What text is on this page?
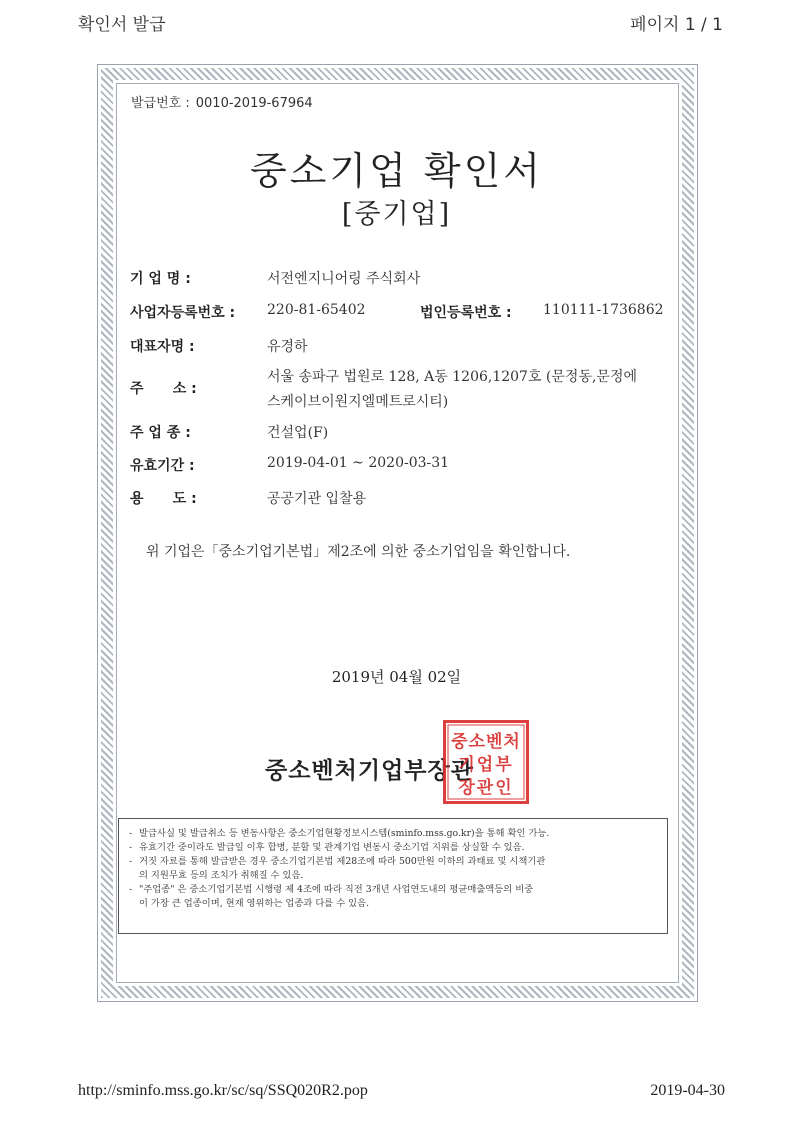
확인서 발급	페이지 1 / 1
발급번호 : 0010-2019-67964
중소기업 확인서
[중기업]
기 업 명 :	서전엔지니어링 주식회사
사업자등록번호 : 220-81-65402	법인등록번호 : 110111-1736862
대표자명 :	유경하
주      소 :
서울 송파구 법원로 128, A동 1206,1207호 (문정동,문정에
스케이브이원지엘메트로시티)
주 업 종 :	건설업(F)
유효기간 :	2019-04-01 ~ 2020-03-31
용      도 :	공공기관 입찰용
위 기업은「중소기업기본법」제2조에 의한 중소기업임을 확인합니다.
2019년 04월 02일
중소벤처기업부장관
중소벤처
기업부
장관인
- 발급사실 및 발급취소 등 변동사항은 중소기업현황정보시스템(sminfo.mss.go.kr)을 통해 확인 가능.
- 유효기간 중이라도 발급일 이후 합병, 분할 및 관계기업 변동시 중소기업 지위를 상실할 수 있음.
- 거짓 자료를 통해 발급받은 경우 중소기업기본법 제28조에 따라 500만원 이하의 과태료 및 시책기관
의 지원무효 등의 조치가 취해질 수 있음.
- "주업종" 은 중소기업기본법 시행령 제 4조에 따라 직전 3개년 사업연도내의 평균매출액등의 비중
이 가장 큰 업종이며, 현재 영위하는 업종과 다를 수 있음.
http://sminfo.mss.go.kr/sc/sq/SSQ020R2.pop	2019-04-30
